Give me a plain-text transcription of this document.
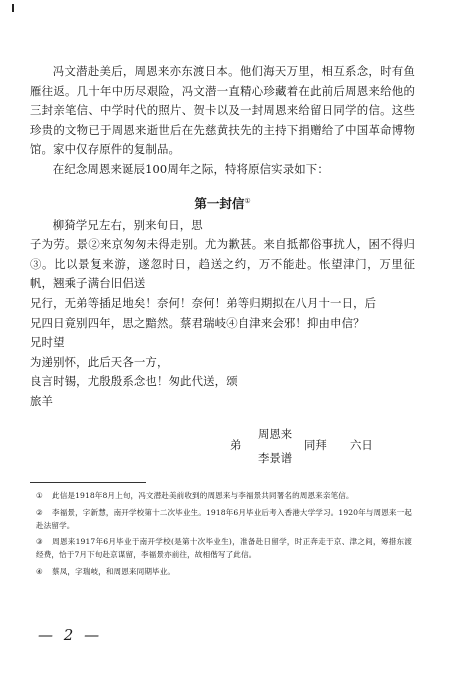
冯文潜赴美后，周恩来亦东渡日本。他们海天万里，相互系念，时有鱼雁往返。几十年中历尽艰险，冯文潜一直精心珍藏着在此前后周恩来给他的三封亲笔信、中学时代的照片、贺卡以及一封周恩来给留日同学的信。这些珍贵的文物已于周恩来逝世后在先慈黄扶先的主持下捐赠给了中国革命博物馆。家中仅存原件的复制品。

在纪念周恩来诞辰100周年之际，特将原信实录如下：

第一封信①

柳猗学兄左右，别来旬日，思

子为劳。景②来京匆匆未得走别。尤为歉甚。来自抵都俗事扰人，困不得归③。比以景复来游，遂忽时日，趋送之约，万不能赴。怅望津门，万里征帆，翘乘子满台旧侣送

兄行，无弟等插足地矣！奈何！奈何！弟等归期拟在八月十一日，后

兄四日竟别四年，思之黯然。蔡君瑞岐④自津来会邪！抑由申信？

兄时望

为递别怀，此后天各一方，

良言时锡，尤殷殷系念也！匆此代送，颂

旅羊

周恩来
弟	同拜 六日
李景谱

① 此信是1918年8月上旬，冯文潜赴美前收到的周恩来与李福景共同署名的周恩来亲笔信。

② 李福景，字新慧，南开学校第十二次毕业生。1918年6月毕业后考入香港大学学习。1920年与周恩来一起赴法留学。

③ 周恩来1917年6月毕业于南开学校(是第十次毕业生)，准备赴日留学，时正奔走于京、津之间，筹措东渡经费，恰于7月下旬赴京谋留，李福景亦前往，故相偕写了此信。

④ 蔡凤，字瑞岐，和周恩来同期毕业。

— 2 —
